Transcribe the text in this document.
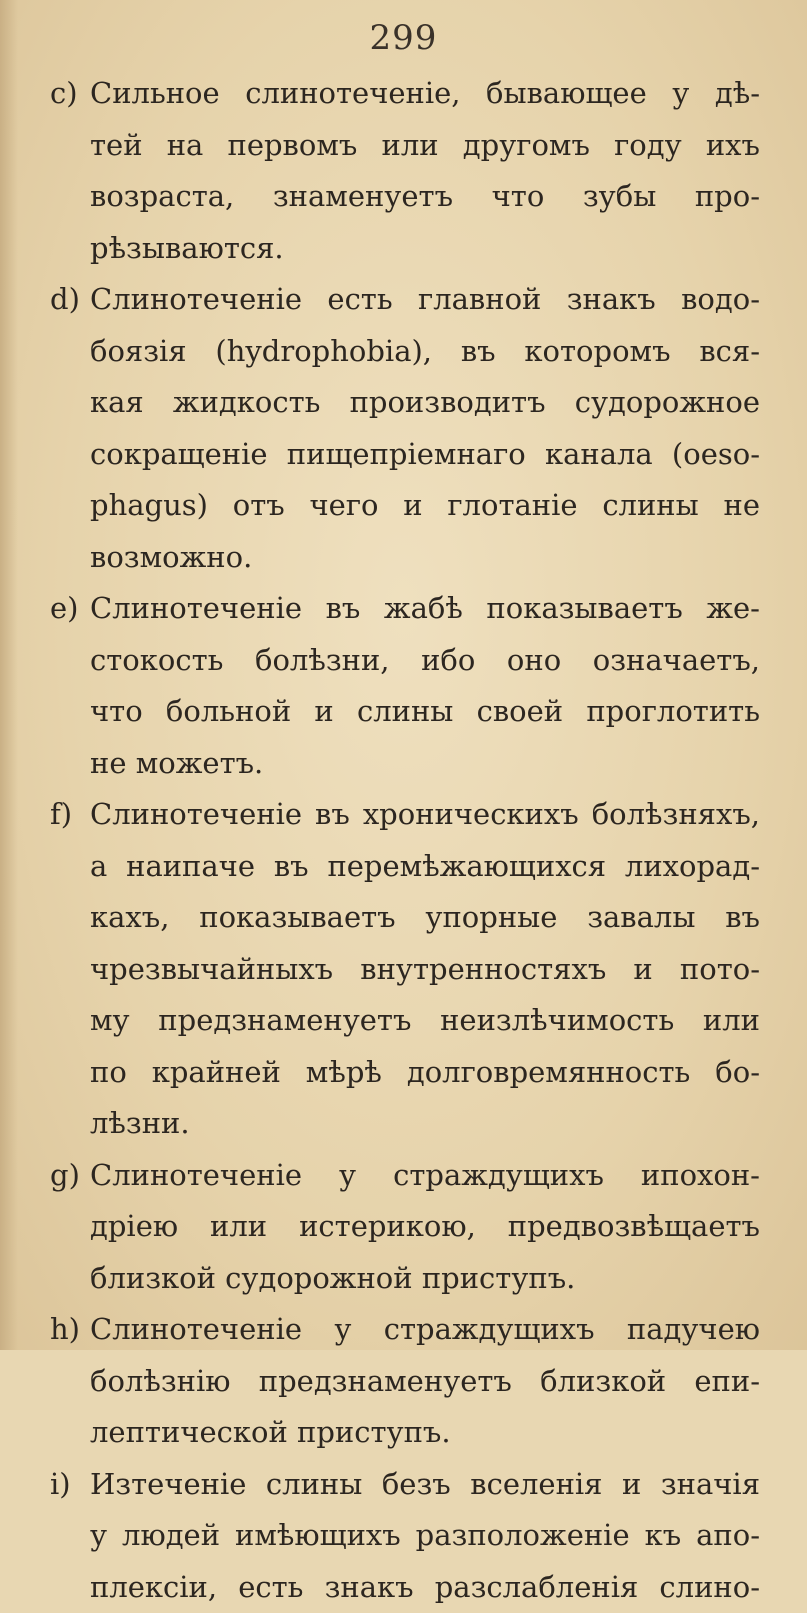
299
c) Сильное слинотеченіе, бывающее у дѣ-
тей на первомъ или другомъ году ихъ
возраста, знаменуетъ что зубы про-
рѣзываются.
d) Слинотеченіе есть главной знакъ водо-
боязія (hydrophobia), въ которомъ вся-
кая жидкость производитъ судорожное
сокращеніе пищепріемнаго канала (oeso-
phagus) отъ чего и глотаніе слины не
возможно.
e) Слинотеченіе въ жабѣ показываетъ же-
стокость болѣзни, ибо оно означаетъ,
что больной и слины своей проглотить
не можетъ.
f) Слинотеченіе въ хроническихъ болѣзняхъ,
а наипаче въ перемѣжающихся лихорад-
кахъ, показываетъ упорные завалы въ
чрезвычайныхъ внутренностяхъ и пото-
му предзнаменуетъ неизлѣчимость или
по крайней мѣрѣ долговремянность бо-
лѣзни.
g) Слинотеченіе у страждущихъ ипохон-
дріею или истерикою, предвозвѣщаетъ
близкой судорожной приступъ.
h) Слинотеченіе у страждущихъ падучею
болѣзнію предзнаменуетъ близкой епи-
лептической приступъ.
i) Изтеченіе слины безъ вселенія и значія
у людей имѣющихъ разположеніе къ апо-
плексіи, есть знакъ разслабленія слино-
